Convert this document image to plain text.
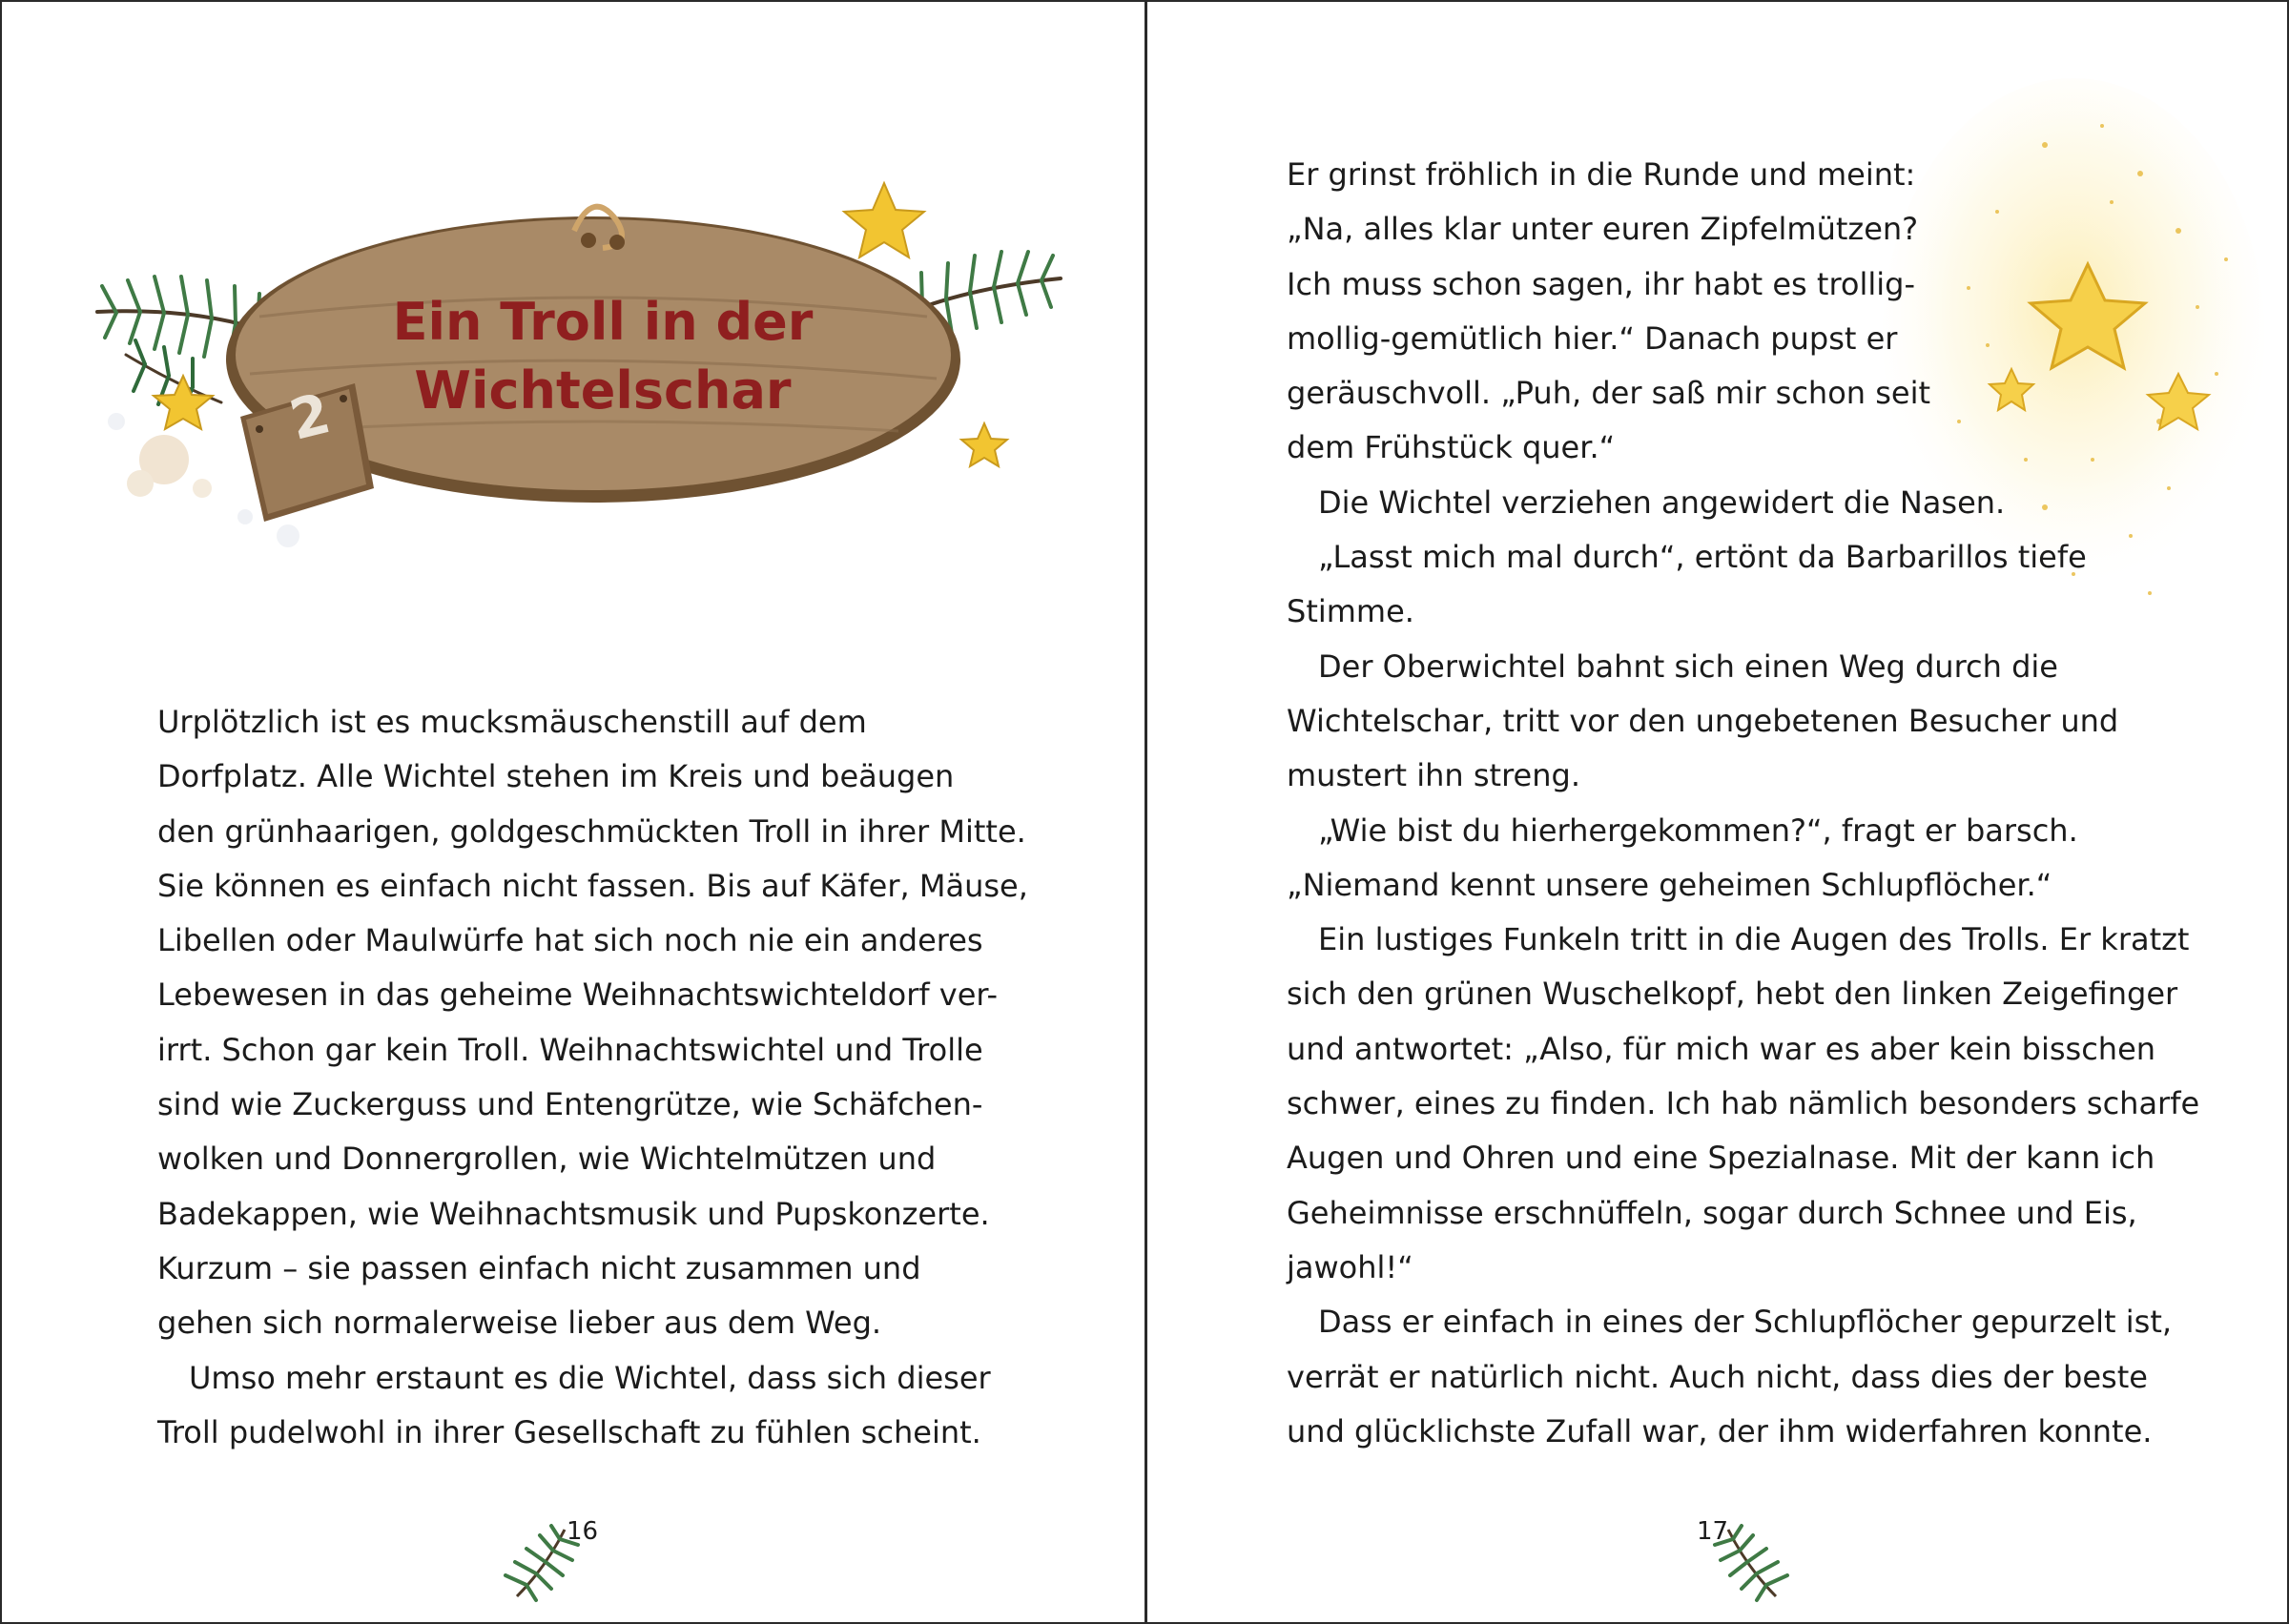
Ein Troll in der
Wichtelschar
2
Urplötzlich ist es mucksmäuschenstill auf dem
Dorfplatz. Alle Wichtel stehen im Kreis und beäugen
den grünhaarigen, goldgeschmückten Troll in ihrer Mitte.
Sie können es einfach nicht fassen. Bis auf Käfer, Mäuse,
Libellen oder Maulwürfe hat sich noch nie ein anderes
Lebewesen in das geheime Weihnachtswichteldorf ver-
irrt. Schon gar kein Troll. Weihnachtswichtel und Trolle
sind wie Zuckerguss und Entengrütze, wie Schäfchen-
wolken und Donnergrollen, wie Wichtelmützen und
Badekappen, wie Weihnachtsmusik und Pupskonzerte.
Kurzum – sie passen einfach nicht zusammen und
gehen sich normalerweise lieber aus dem Weg.
Umso mehr erstaunt es die Wichtel, dass sich dieser
Troll pudelwohl in ihrer Gesellschaft zu fühlen scheint.
16
Er grinst fröhlich in die Runde und meint:
„Na, alles klar unter euren Zipfelmützen?
Ich muss schon sagen, ihr habt es trollig-
mollig-gemütlich hier.“ Danach pupst er
geräuschvoll. „Puh, der saß mir schon seit
dem Frühstück quer.“
Die Wichtel verziehen angewidert die Nasen.
„Lasst mich mal durch“, ertönt da Barbarillos tiefe
Stimme.
Der Oberwichtel bahnt sich einen Weg durch die
Wichtelschar, tritt vor den ungebetenen Besucher und
mustert ihn streng.
„Wie bist du hierhergekommen?“, fragt er barsch.
„Niemand kennt unsere geheimen Schlupflöcher.“
Ein lustiges Funkeln tritt in die Augen des Trolls. Er kratzt
sich den grünen Wuschelkopf, hebt den linken Zeigefinger
und antwortet: „Also, für mich war es aber kein bisschen
schwer, eines zu finden. Ich hab nämlich besonders scharfe
Augen und Ohren und eine Spezialnase. Mit der kann ich
Geheimnisse erschnüffeln, sogar durch Schnee und Eis,
jawohl!“
Dass er einfach in eines der Schlupflöcher gepurzelt ist,
verrät er natürlich nicht. Auch nicht, dass dies der beste
und glücklichste Zufall war, der ihm widerfahren konnte.
17
